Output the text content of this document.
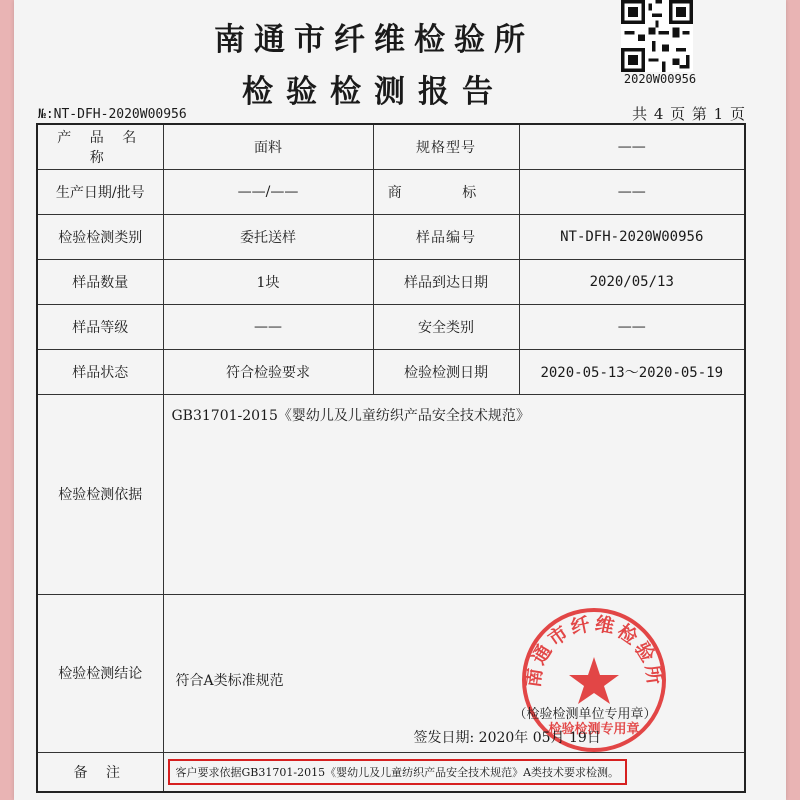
南通市纤维检验所
检验检测报告	2020W00956
№:NT-DFH-2020W00956	共 4 页 第 1 页
产 品 名 称	面料	规格型号	——
生产日期/批号	——/——	商 标	——
检验检测类别	委托送样	样品编号	NT-DFH-2020W00956
样品数量	1块	样品到达日期	2020/05/13
样品等级	——	安全类别	——
样品状态	符合检验要求	检验检测日期	2020-05-13～2020-05-19
检验检测依据	GB31701-2015《婴幼儿及儿童纺织产品安全技术规范》		
检验检测结论	符合A类标准规范 南通市纤维检验所
检验检测专用章
（检验检测单位专用章）
签发日期: 2020年 05月 19日		

备 注	客户要求依据GB31701-2015《婴幼儿及儿童纺织产品安全技术规范》A类技术要求检测。		
